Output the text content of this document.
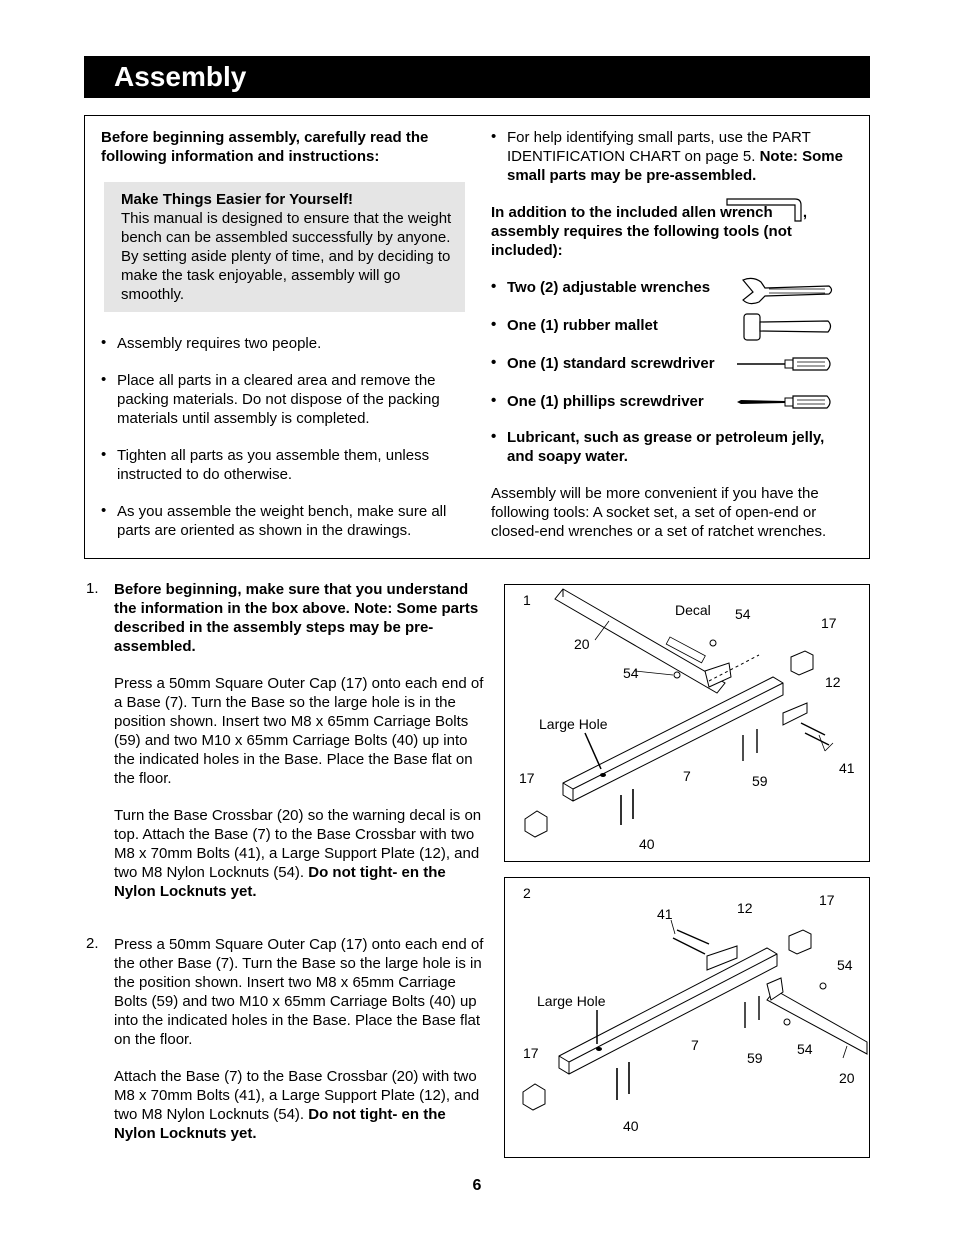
Assembly

Before beginning assembly, carefully read the following information and instructions:

Make Things Easier for Yourself!

This manual is designed to ensure that the weight bench can be assembled successfully by anyone. By setting aside plenty of time, and by deciding to make the task enjoyable, assembly will go smoothly.

• Assembly requires two people.

• Place all parts in a cleared area and remove the packing materials. Do not dispose of the packing materials until assembly is completed.

• Tighten all parts as you assemble them, unless instructed to do otherwise.

• As you assemble the weight bench, make sure all parts are oriented as shown in the drawings.

• For help identifying small parts, use the PART IDENTIFICATION CHART on page 5. Note: Some small parts may be pre-assembled.

In addition to the included allen wrench , assembly requires the following tools (not included):

• Two (2) adjustable wrenches

• One (1) rubber mallet

• One (1) standard screwdriver

• One (1) phillips screwdriver

• Lubricant, such as grease or petroleum jelly, and soapy water.

Assembly will be more convenient if you have the following tools: A socket set, a set of open-end or closed-end wrenches or a set of ratchet wrenches.

1. Before beginning, make sure that you understand the information in the box above. Note: Some parts described in the assembly steps may be pre-assembled.

Press a 50mm Square Outer Cap (17) onto each end of a Base (7). Turn the Base so the large hole is in the position shown. Insert two M8 x 65mm Carriage Bolts (59) and two M10 x 65mm Carriage Bolts (40) up into the indicated holes in the Base. Place the Base flat on the floor.

Turn the Base Crossbar (20) so the warning decal is on top. Attach the Base (7) to the Base Crossbar with two M8 x 70mm Bolts (41), a Large Support Plate (12), and two M8 Nylon Locknuts (54). Do not tight- en the Nylon Locknuts yet.

2. Press a 50mm Square Outer Cap (17) onto each end of the other Base (7). Turn the Base so the large hole is in the position shown. Insert two M8 x 65mm Carriage Bolts (59) and two M10 x 65mm Carriage Bolts (40) up into the indicated holes in the Base. Place the Base flat on the floor.

Attach the Base (7) to the Base Crossbar (20) with two M8 x 70mm Bolts (41), a Large Support Plate (12), and two M8 Nylon Locknuts (54). Do not tight- en the Nylon Locknuts yet.

1
Decal
20
54
54
17
12
Large Hole
41
17	7	59
40
2
41	12	17
54
Large Hole
7
59
54
17
20
40
6
